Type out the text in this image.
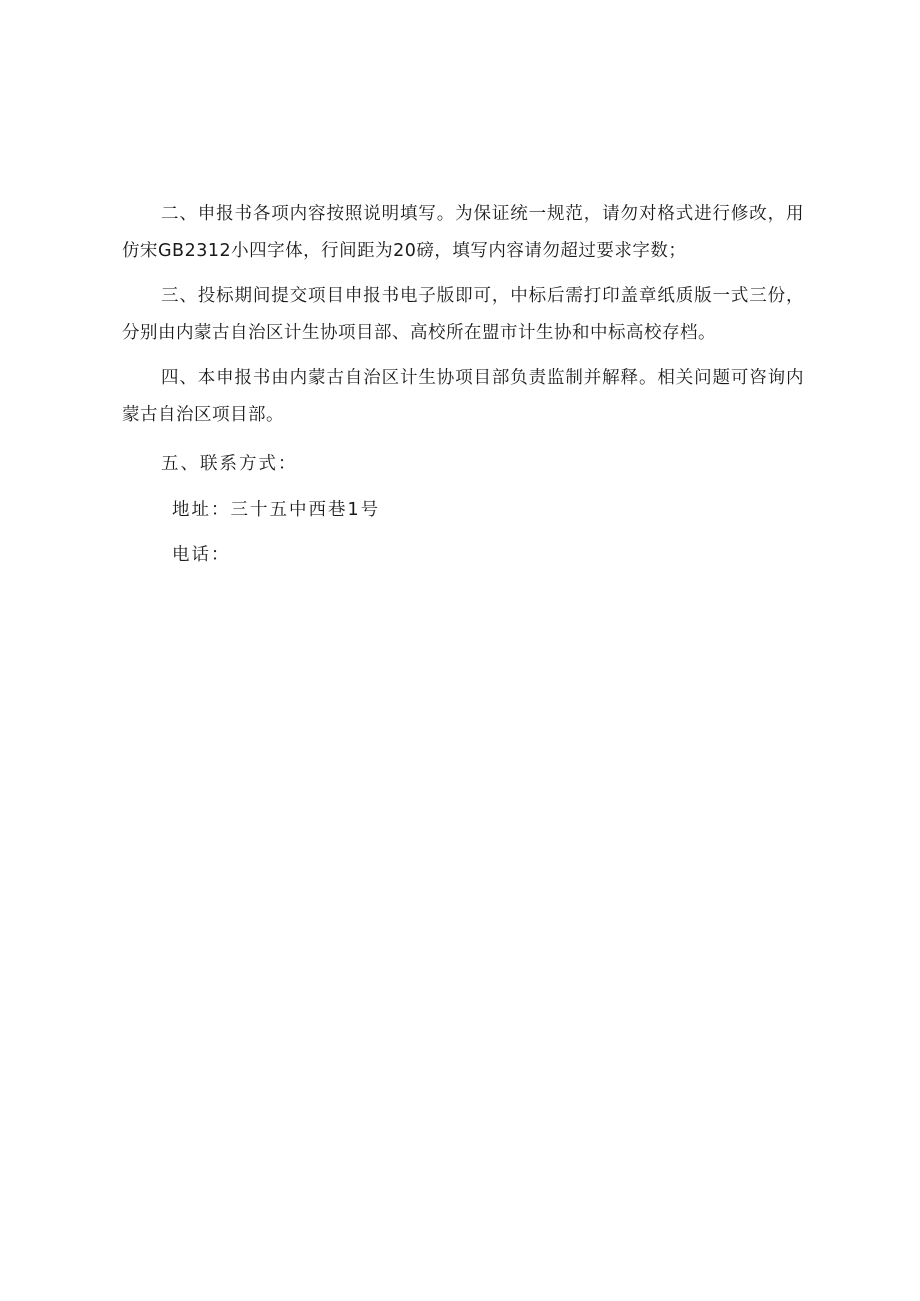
二、申报书各项内容按照说明填写。为保证统一规范，请勿对格式进行修改，用仿宋GB2312小四字体，行间距为20磅，填写内容请勿超过要求字数；

三、投标期间提交项目申报书电子版即可，中标后需打印盖章纸质版一式三份，分别由内蒙古自治区计生协项目部、高校所在盟市计生协和中标高校存档。

四、本申报书由内蒙古自治区计生协项目部负责监制并解释。相关问题可咨询内蒙古自治区项目部。

五、联系方式：

地址：三十五中西巷1号

电话：
